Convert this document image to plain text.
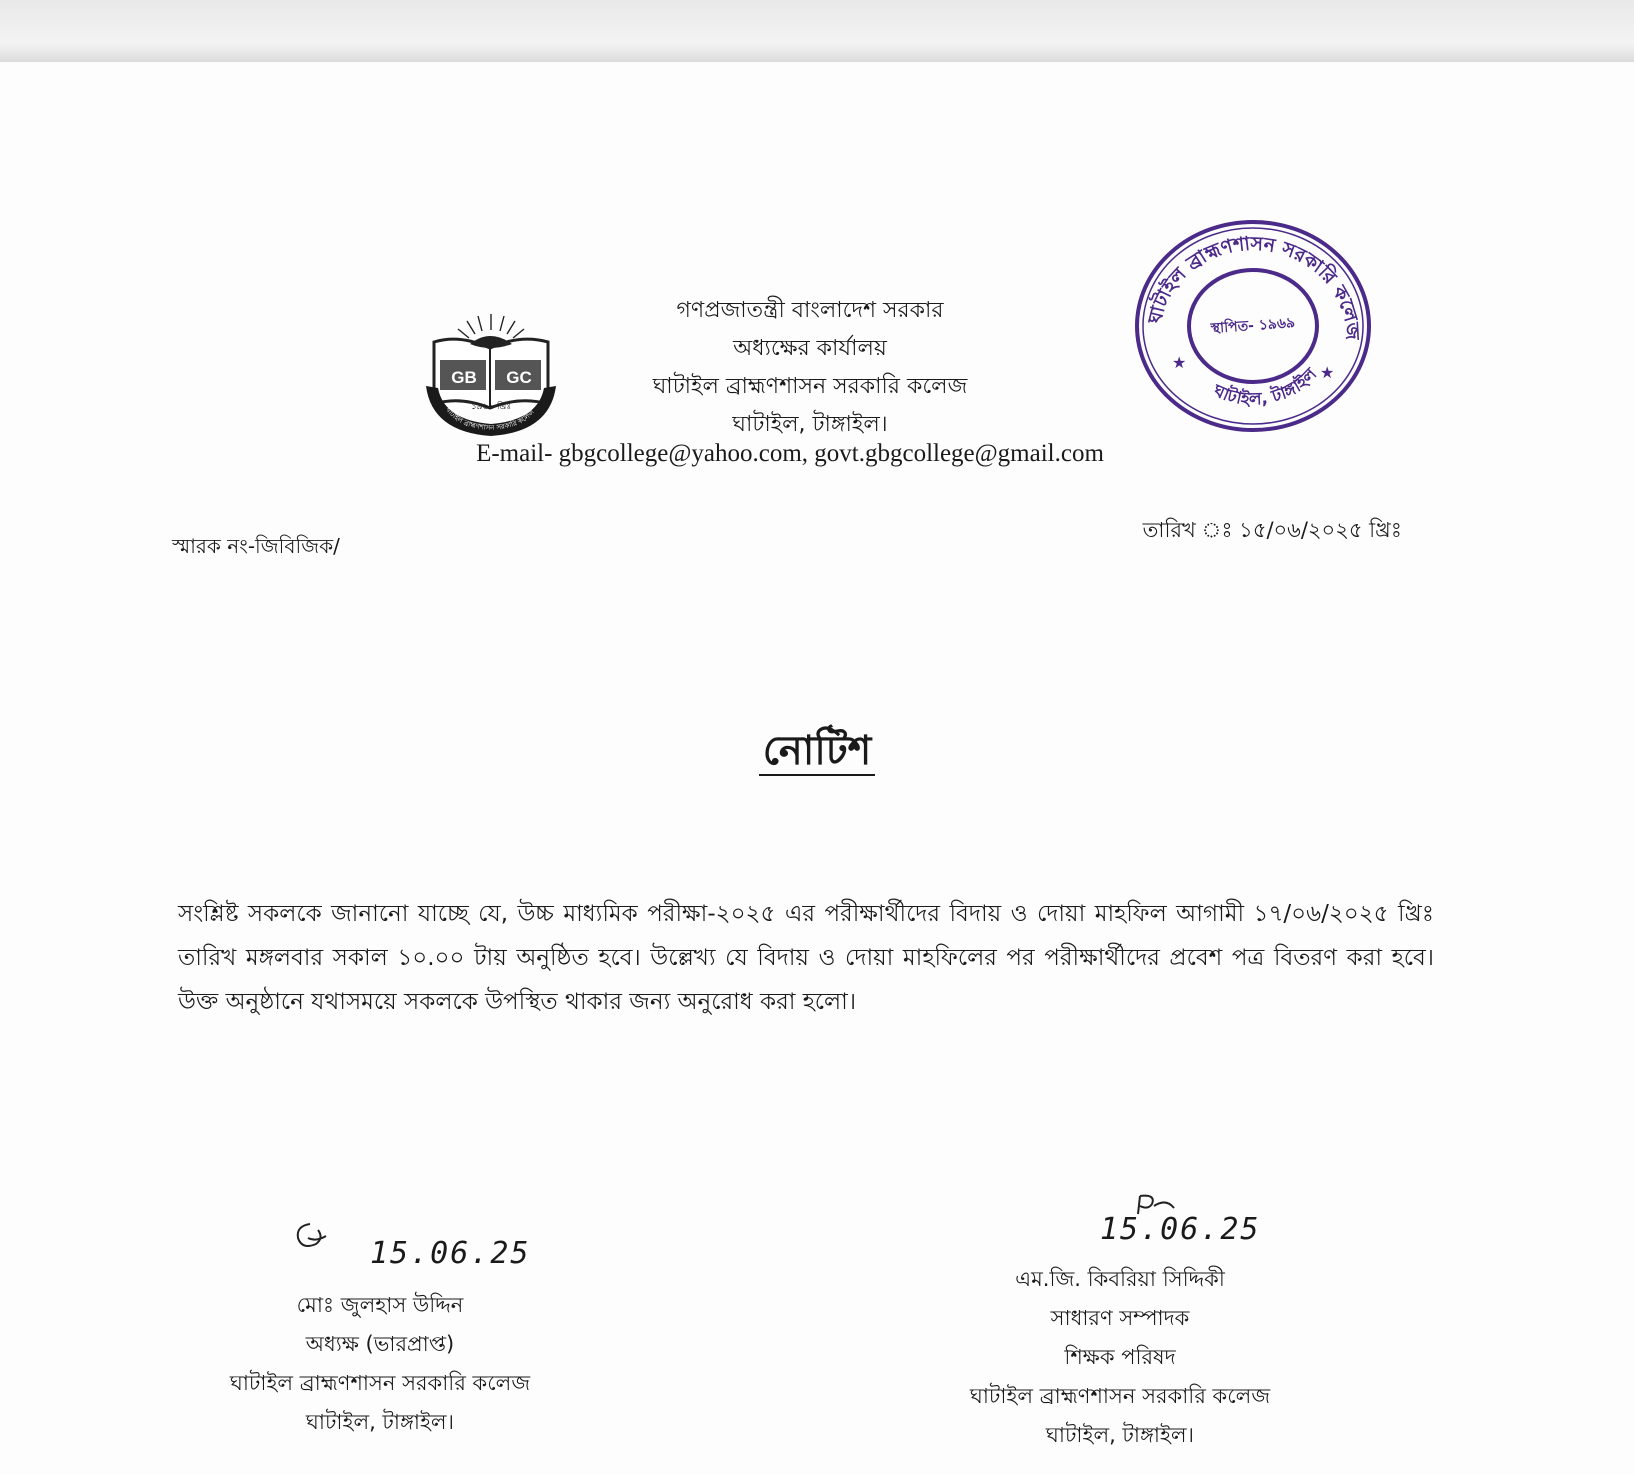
ঘাটাইল ব্রাহ্মণশাসন সরকারি কলেজ
GB	GC
১৯৬৯ খ্রিঃ
গণপ্রজাতন্ত্রী বাংলাদেশ সরকার
অধ্যক্ষের কার্যালয়
ঘাটাইল ব্রাহ্মণশাসন সরকারি কলেজ
ঘাটাইল, টাঙ্গাইল।
E-mail- gbgcollege@yahoo.com, govt.gbgcollege@gmail.com
ঘাটাইল ব্রাহ্মণশাসন সরকারি কলেজ
ঘাটাইল, টাঙ্গাইল
★
★
স্থাপিত- ১৯৬৯
স্মারক নং-জিবিজিক/
তারিখ ঃ ১৫/০৬/২০২৫ খ্রিঃ
নোটিশ
সংশ্লিষ্ট সকলকে জানানো যাচ্ছে যে, উচ্চ মাধ্যমিক পরীক্ষা-২০২৫ এর পরীক্ষার্থীদের বিদায় ও দোয়া মাহফিল আগামী ১৭/০৬/২০২৫ খ্রিঃ তারিখ মঙ্গলবার সকাল ১০.০০ টায় অনুষ্ঠিত হবে। উল্লেখ্য যে বিদায় ও দোয়া মাহফিলের পর পরীক্ষার্থীদের প্রবেশ পত্র বিতরণ করা হবে। উক্ত অনুষ্ঠানে যথাসময়ে সকলকে উপস্থিত থাকার জন্য অনুরোধ করা হলো।
15.06.25
মোঃ জুলহাস উদ্দিন
অধ্যক্ষ (ভারপ্রাপ্ত)
ঘাটাইল ব্রাহ্মণশাসন সরকারি কলেজ
ঘাটাইল, টাঙ্গাইল।
15.06.25
এম.জি. কিবরিয়া সিদ্দিকী
সাধারণ সম্পাদক
শিক্ষক পরিষদ
ঘাটাইল ব্রাহ্মণশাসন সরকারি কলেজ
ঘাটাইল, টাঙ্গাইল।
